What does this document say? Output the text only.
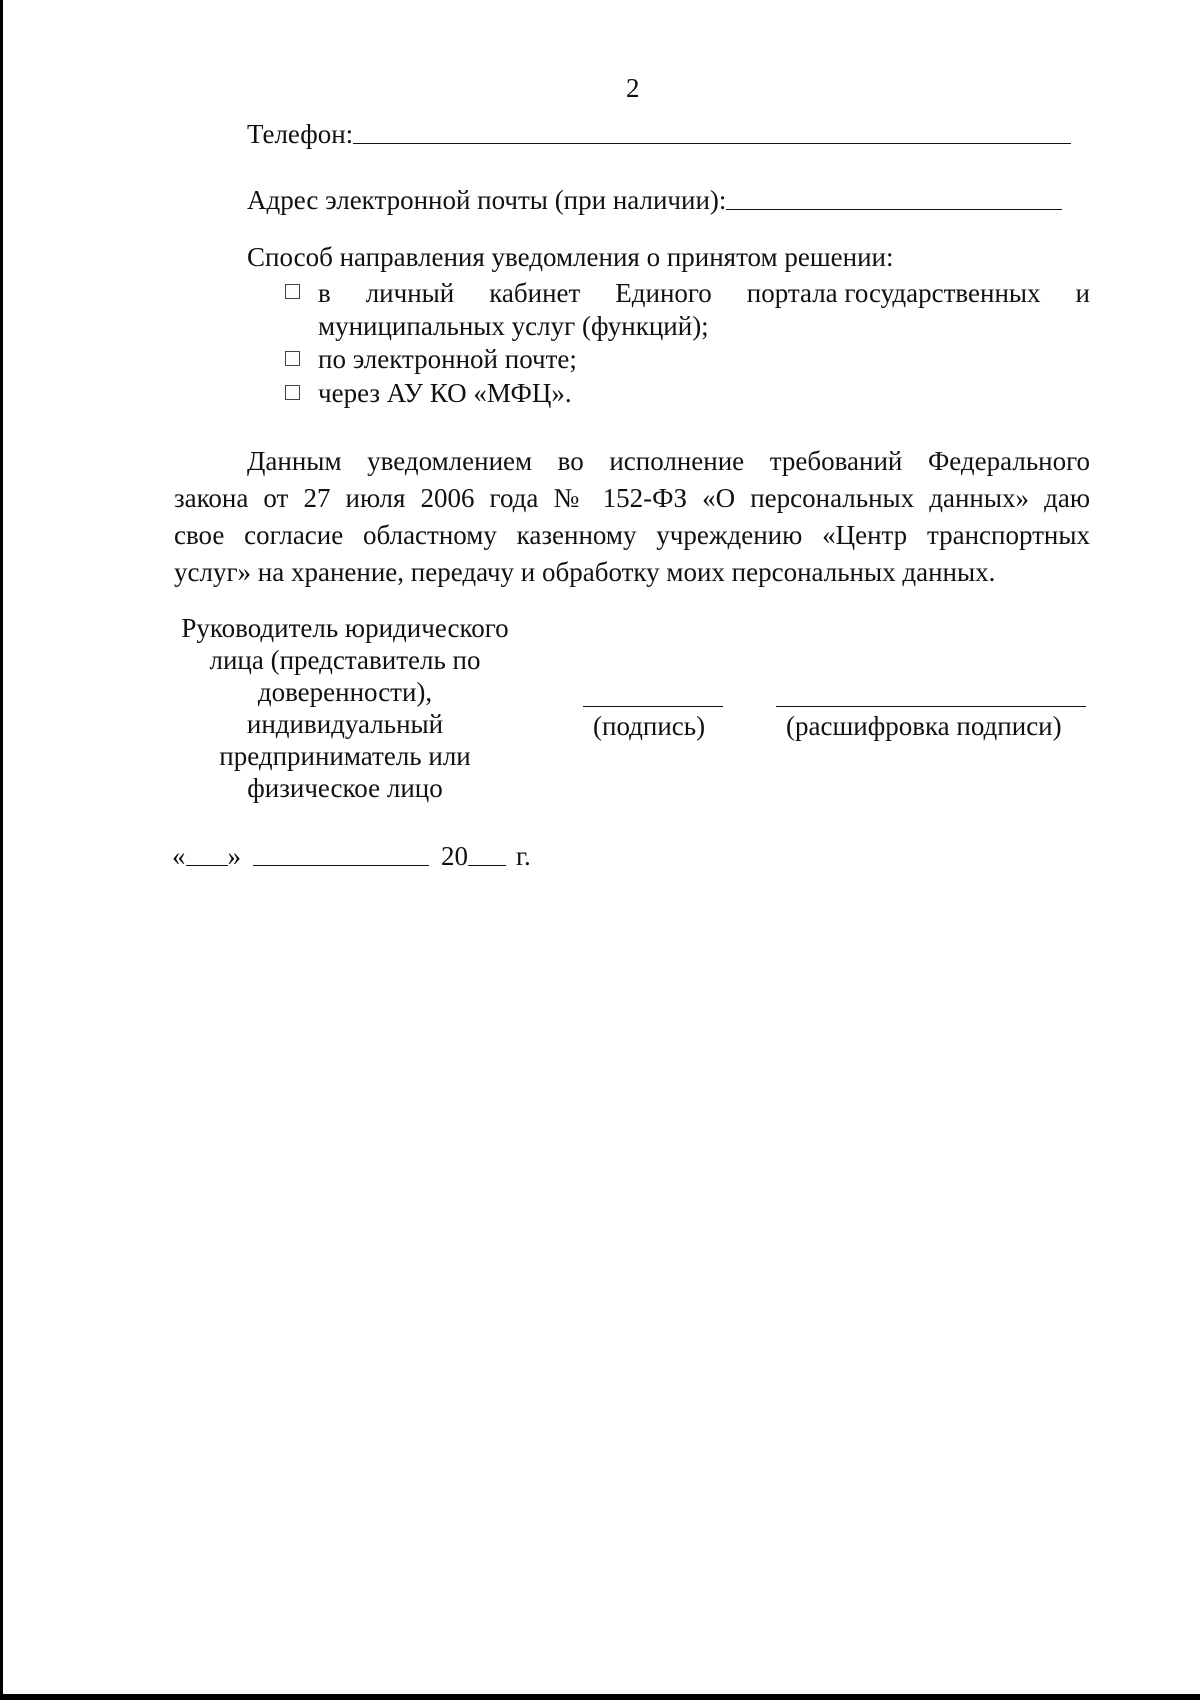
2
Телефон:
Адрес электронной почты (при наличии):
Способ направления уведомления о принятом решении:
в личный кабинет Единого портала государственных и
муниципальных услуг (функций);
по электронной почте;
через АУ КО «МФЦ».
Данным уведомлением во исполнение требований Федерального
закона от 27 июля 2006 года № 152-ФЗ «О персональных данных» даю
свое согласие областному казенному учреждению «Центр транспортных
услуг» на хранение, передачу и обработку моих персональных данных.
Руководитель юридического
лица (представитель по
доверенности),
индивидуальный
предприниматель или
физическое лицо
(подпись)	(расшифровка подписи)
« »	20 г.
